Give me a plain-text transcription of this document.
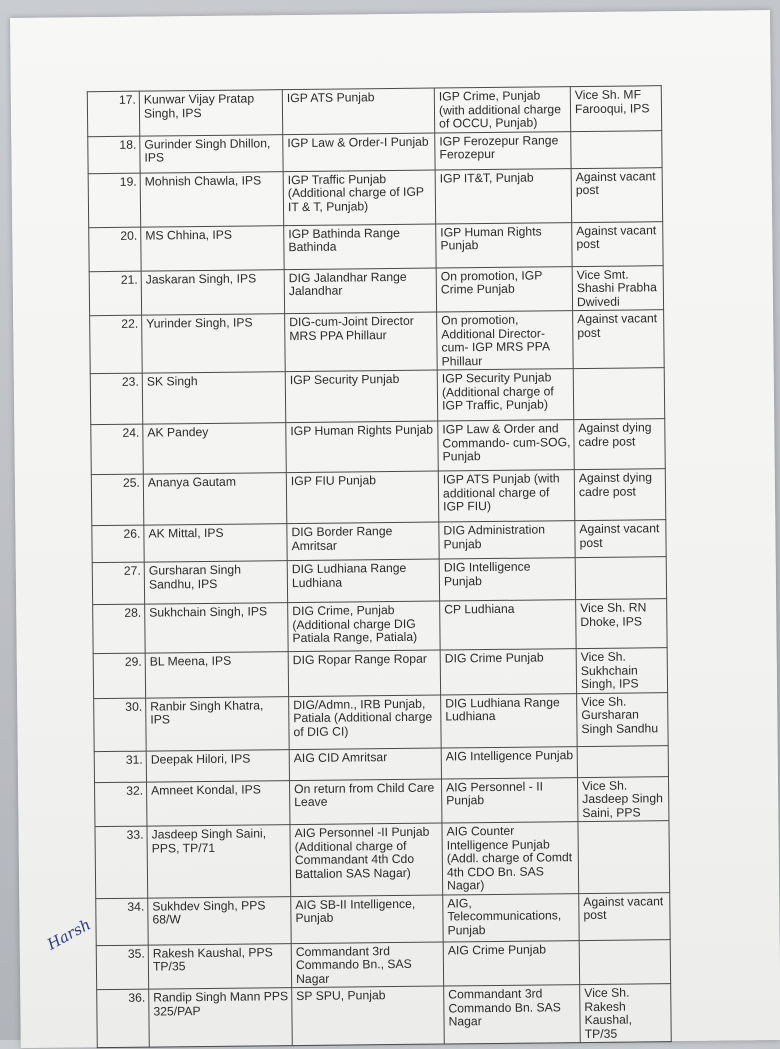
17.	Kunwar Vijay Pratap Singh, IPS	IGP ATS Punjab	IGP Crime, Punjab (with additional charge of OCCU, Punjab)	Vice Sh. MF Farooqui, IPS
18.	Gurinder Singh Dhillon, IPS	IGP Law & Order-I Punjab	IGP Ferozepur Range Ferozepur	
19.	Mohnish Chawla, IPS	IGP Traffic Punjab (Additional charge of IGP IT & T, Punjab)	IGP IT&T, Punjab	Against vacant post
20.	MS Chhina, IPS	IGP Bathinda Range Bathinda	IGP Human Rights Punjab	Against vacant post
21.	Jaskaran Singh, IPS	DIG Jalandhar Range Jalandhar	On promotion, IGP Crime Punjab	Vice Smt. Shashi Prabha Dwivedi
22.	Yurinder Singh, IPS	DIG-cum-Joint Director MRS PPA Phillaur	On promotion, Additional Director-cum- IGP MRS PPA Phillaur	Against vacant post
23.	SK Singh	IGP Security Punjab	IGP Security Punjab (Additional charge of IGP Traffic, Punjab)	
24.	AK Pandey	IGP Human Rights Punjab	IGP Law & Order and Commando- cum-SOG, Punjab	Against dying cadre post
25.	Ananya Gautam	IGP FIU Punjab	IGP ATS Punjab (with additional charge of IGP FIU)	Against dying cadre post
26.	AK Mittal, IPS	DIG Border Range Amritsar	DIG Administration Punjab	Against vacant post
27.	Gursharan Singh Sandhu, IPS	DIG Ludhiana Range Ludhiana	DIG Intelligence Punjab	
28.	Sukhchain Singh, IPS	DIG Crime, Punjab (Additional charge DIG Patiala Range, Patiala)	CP Ludhiana	Vice Sh. RN Dhoke, IPS
29.	BL Meena, IPS	DIG Ropar Range Ropar	DIG Crime Punjab	Vice Sh. Sukhchain Singh, IPS
30.	Ranbir Singh Khatra, IPS	DIG/Admn., IRB Punjab, Patiala (Additional charge of DIG CI)	DIG Ludhiana Range Ludhiana	Vice Sh. Gursharan Singh Sandhu
31.	Deepak Hilori, IPS	AIG CID Amritsar	AIG Intelligence Punjab	
32.	Amneet Kondal, IPS	On return from Child Care Leave	AIG Personnel - II Punjab	Vice Sh. Jasdeep Singh Saini, PPS
33.	Jasdeep Singh Saini, PPS, TP/71	AIG Personnel -II Punjab (Additional charge of Commandant 4th Cdo Battalion SAS Nagar)	AIG Counter Intelligence Punjab (Addl. charge of Comdt 4th CDO Bn. SAS Nagar)	
34.	Sukhdev Singh, PPS 68/W	AIG SB-II Intelligence, Punjab	AIG, Telecommunications, Punjab	Against vacant post
35.	Rakesh Kaushal, PPS TP/35	Commandant 3rd Commando Bn., SAS Nagar	AIG Crime Punjab	
36.	Randip Singh Mann PPS 325/PAP	SP SPU, Punjab	Commandant 3rd Commando Bn. SAS Nagar	Vice Sh. Rakesh Kaushal, TP/35
Harsh
